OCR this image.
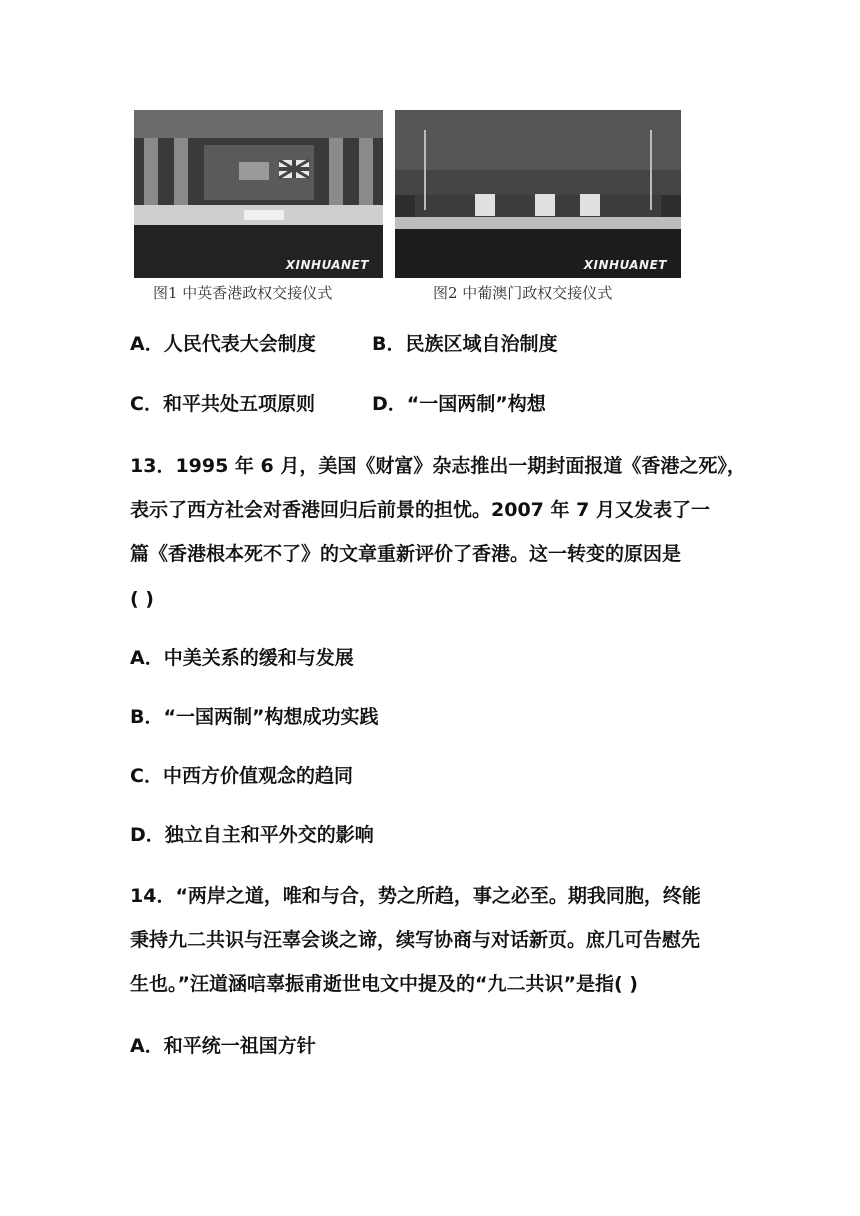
XINHUANET
图1 中英香港政权交接仪式
XINHUANET
图2 中葡澳门政权交接仪式
A．人民代表大会制度	B．民族区域自治制度
C．和平共处五项原则	D．“一国两制”构想
13．1995 年 6 月，美国《财富》杂志推出一期封面报道《香港之死》，
表示了西方社会对香港回归后前景的担忧。2007 年 7 月又发表了一
篇《香港根本死不了》的文章重新评价了香港。这一转变的原因是
( )
A．中美关系的缓和与发展
B．“一国两制”构想成功实践
C．中西方价值观念的趋同
D．独立自主和平外交的影响
14．“两岸之道，唯和与合，势之所趋，事之必至。期我同胞，终能
秉持九二共识与汪辜会谈之谛，续写协商与对话新页。庶几可告慰先
生也。”汪道涵唁辜振甫逝世电文中提及的“九二共识”是指( )
A．和平统一祖国方针
